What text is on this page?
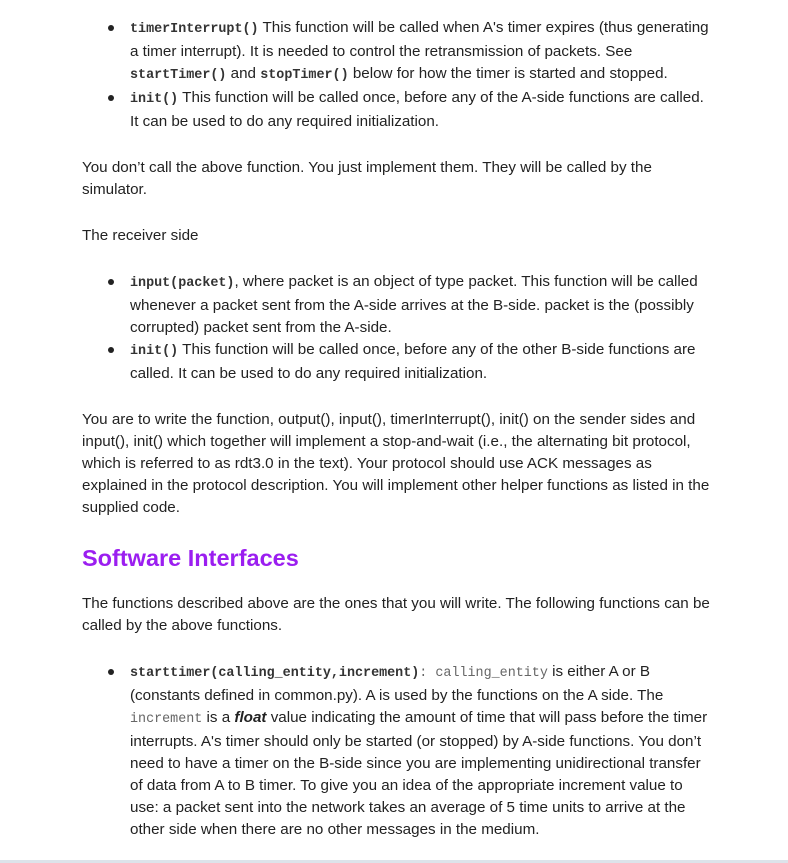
timerInterrupt() This function will be called when A's timer expires (thus generating a timer interrupt). It is needed to control the retransmission of packets. See startTimer() and stopTimer() below for how the timer is started and stopped.
init() This function will be called once, before any of the A-side functions are called. It can be used to do any required initialization.

You don’t call the above function. You just implement them. They will be called by the simulator.

The receiver side

input(packet), where packet is an object of type packet. This function will be called whenever a packet sent from the A-side arrives at the B-side. packet is the (possibly corrupted) packet sent from the A-side.
init() This function will be called once, before any of the other B-side functions are called. It can be used to do any required initialization.

You are to write the function, output(), input(), timerInterrupt(), init() on the sender sides and input(), init() which together will implement a stop-and-wait (i.e., the alternating bit protocol, which is referred to as rdt3.0 in the text). Your protocol should use ACK messages as explained in the protocol description. You will implement other helper functions as listed in the supplied code.

Software Interfaces

The functions described above are the ones that you will write. The following functions can be called by the above functions.

starttimer(calling_entity,increment): calling_entity is either A or B (constants defined in common.py). A is used by the functions on the A side. The increment is a float value indicating the amount of time that will pass before the timer interrupts. A's timer should only be started (or stopped) by A-side functions. You don’t need to have a timer on the B-side since you are implementing unidirectional transfer of data from A to B timer. To give you an idea of the appropriate increment value to use: a packet sent into the network takes an average of 5 time units to arrive at the other side when there are no other messages in the medium.
